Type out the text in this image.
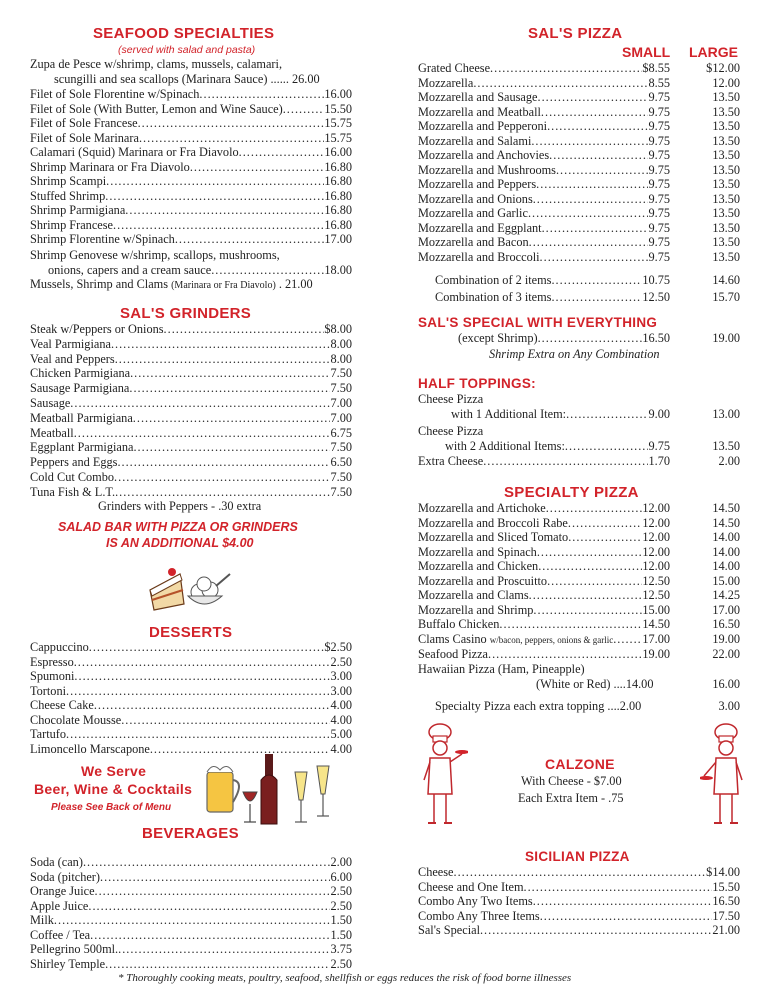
SEAFOOD SPECIALTIES
(served with salad and pasta)
Zupa de Pesce w/shrimp, clams, mussels, calamari,
scungilli and sea scallops (Marinara Sauce) ...... 26.00
Filet of Sole Florentine w/Spinach .....	16.00
Filet of Sole (With Butter, Lemon and Wine Sauce) .....	15.50
Filet of Sole Francese .....	15.75
Filet of Sole Marinara .....	15.75
Calamari (Squid) Marinara or Fra Diavolo .....	16.00
Shrimp Marinara or Fra Diavolo .....	16.80
Shrimp Scampi .....	16.80
Stuffed Shrimp .....	16.80
Shrimp Parmigiana .....	16.80
Shrimp Francese .....	16.80
Shrimp Florentine w/Spinach .....	17.00
Shrimp Genovese w/shrimp, scallops, mushrooms,
onions, capers and a cream sauce .....	18.00
Mussels, Shrimp and Clams (Marinara or Fra Diavolo) . 21.00
SAL'S GRINDERS
Steak w/Peppers or Onions .....	$8.00
Veal Parmigiana .....	8.00
Veal and Peppers .....	8.00
Chicken Parmigiana .....	7.50
Sausage Parmigiana .....	7.50
Sausage .....	7.00
Meatball Parmigiana .....	7.00
Meatball .....	6.75
Eggplant Parmigiana .....	7.50
Peppers and Eggs .....	6.50
Cold Cut Combo .....	7.50
Tuna Fish & L.T. .....	7.50
Grinders with Peppers - .30 extra
SALAD BAR WITH PIZZA OR GRINDERS
IS AN ADDITIONAL $4.00
DESSERTS
Cappuccino .....	$2.50
Espresso .....	2.50
Spumoni .....	3.00
Tortoni .....	3.00
Cheese Cake .....	4.00
Chocolate Mousse .....	4.00
Tartufo .....	5.00
Limoncello Marscapone .....	4.00
We Serve
Beer, Wine & Cocktails
Please See Back of Menu
BEVERAGES
Soda (can) .....	2.00
Soda (pitcher) .....	6.00
Orange Juice .....	2.50
Apple Juice .....	2.50
Milk .....	1.50
Coffee / Tea .....	1.50
Pellegrino 500ml. .....	3.75
Shirley Temple .....	2.50
SAL'S PIZZA
SMALL LARGE
Grated Cheese .....	$8.55	$12.00
Mozzarella .....	8.55	12.00
Mozzarella and Sausage .....	9.75	13.50
Mozzarella and Meatball .....	9.75	13.50
Mozzarella and Pepperoni .....	9.75	13.50
Mozzarella and Salami .....	9.75	13.50
Mozzarella and Anchovies .....	9.75	13.50
Mozzarella and Mushrooms .....	9.75	13.50
Mozzarella and Peppers .....	9.75	13.50
Mozzarella and Onions .....	9.75	13.50
Mozzarella and Garlic .....	9.75	13.50
Mozzarella and Eggplant .....	9.75	13.50
Mozzarella and Bacon .....	9.75	13.50
Mozzarella and Broccoli .....	9.75	13.50
Combination of 2 items .....	10.75	14.60
Combination of 3 items .....	12.50	15.70
SAL'S SPECIAL WITH EVERYTHING
(except Shrimp) .....	16.50	19.00
Shrimp Extra on Any Combination
HALF TOPPINGS:
Cheese Pizza
with 1 Additional Item: .....	9.00	13.00
Cheese Pizza
with 2 Additional Items: .....	9.75	13.50
Extra Cheese .....	1.70	2.00
SPECIALTY PIZZA
Mozzarella and Artichoke .....	12.00	14.50
Mozzarella and Broccoli Rabe .....	12.00	14.50
Mozzarella and Sliced Tomato .....	12.00	14.00
Mozzarella and Spinach .....	12.00	14.00
Mozzarella and Chicken .....	12.00	14.00
Mozzarella and Proscuitto .....	12.50	15.00
Mozzarella and Clams .....	12.50	14.25
Mozzarella and Shrimp .....	15.00	17.00
Buffalo Chicken .....	14.50	16.50
Clams Casino
w/bacon, peppers, onions & garlic ..... 17.00	19.00
Seafood Pizza .....	19.00	22.00
Hawaiian Pizza (Ham, Pineapple)
(White or Red) ....14.00	16.00
Specialty Pizza each extra topping ....2.00	3.00
CALZONE
With Cheese - $7.00
Each Extra Item - .75
SICILIAN PIZZA
Cheese .....	$14.00
Cheese and One Item .....	15.50
Combo Any Two Items .....	16.50
Combo Any Three Items .....	17.50
Sal's Special .....	21.00
* Thoroughly cooking meats, poultry, seafood, shellfish or eggs reduces the risk of food borne illnesses
